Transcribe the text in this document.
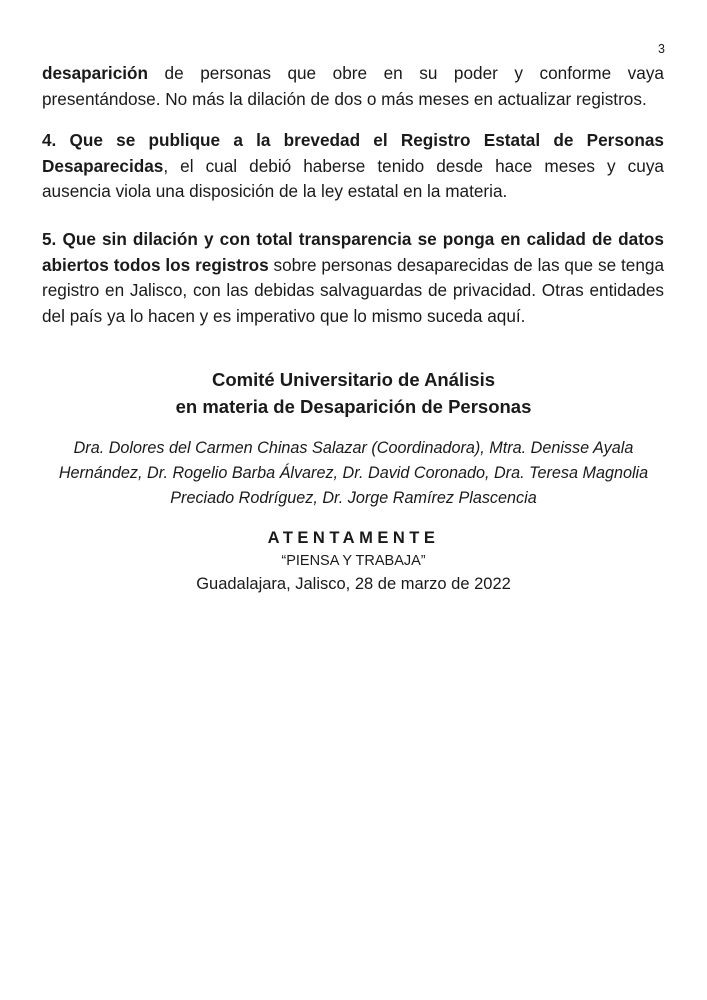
3

desaparición de personas que obre en su poder y conforme vaya presentándose. No más la dilación de dos o más meses en actualizar registros.

4. Que se publique a la brevedad el Registro Estatal de Personas Desaparecidas, el cual debió haberse tenido desde hace meses y cuya ausencia viola una disposición de la ley estatal en la materia.

5. Que sin dilación y con total transparencia se ponga en calidad de datos abiertos todos los registros sobre personas desaparecidas de las que se tenga registro en Jalisco, con las debidas salvaguardas de privacidad. Otras entidades del país ya lo hacen y es imperativo que lo mismo suceda aquí.

Comité Universitario de Análisis
en materia de Desaparición de Personas
Dra. Dolores del Carmen Chinas Salazar (Coordinadora), Mtra. Denisse Ayala Hernández, Dr. Rogelio Barba Álvarez, Dr. David Coronado, Dra. Teresa Magnolia Preciado Rodríguez, Dr. Jorge Ramírez Plascencia
ATENTAMENTE
“PIENSA Y TRABAJA”
Guadalajara, Jalisco, 28 de marzo de 2022
